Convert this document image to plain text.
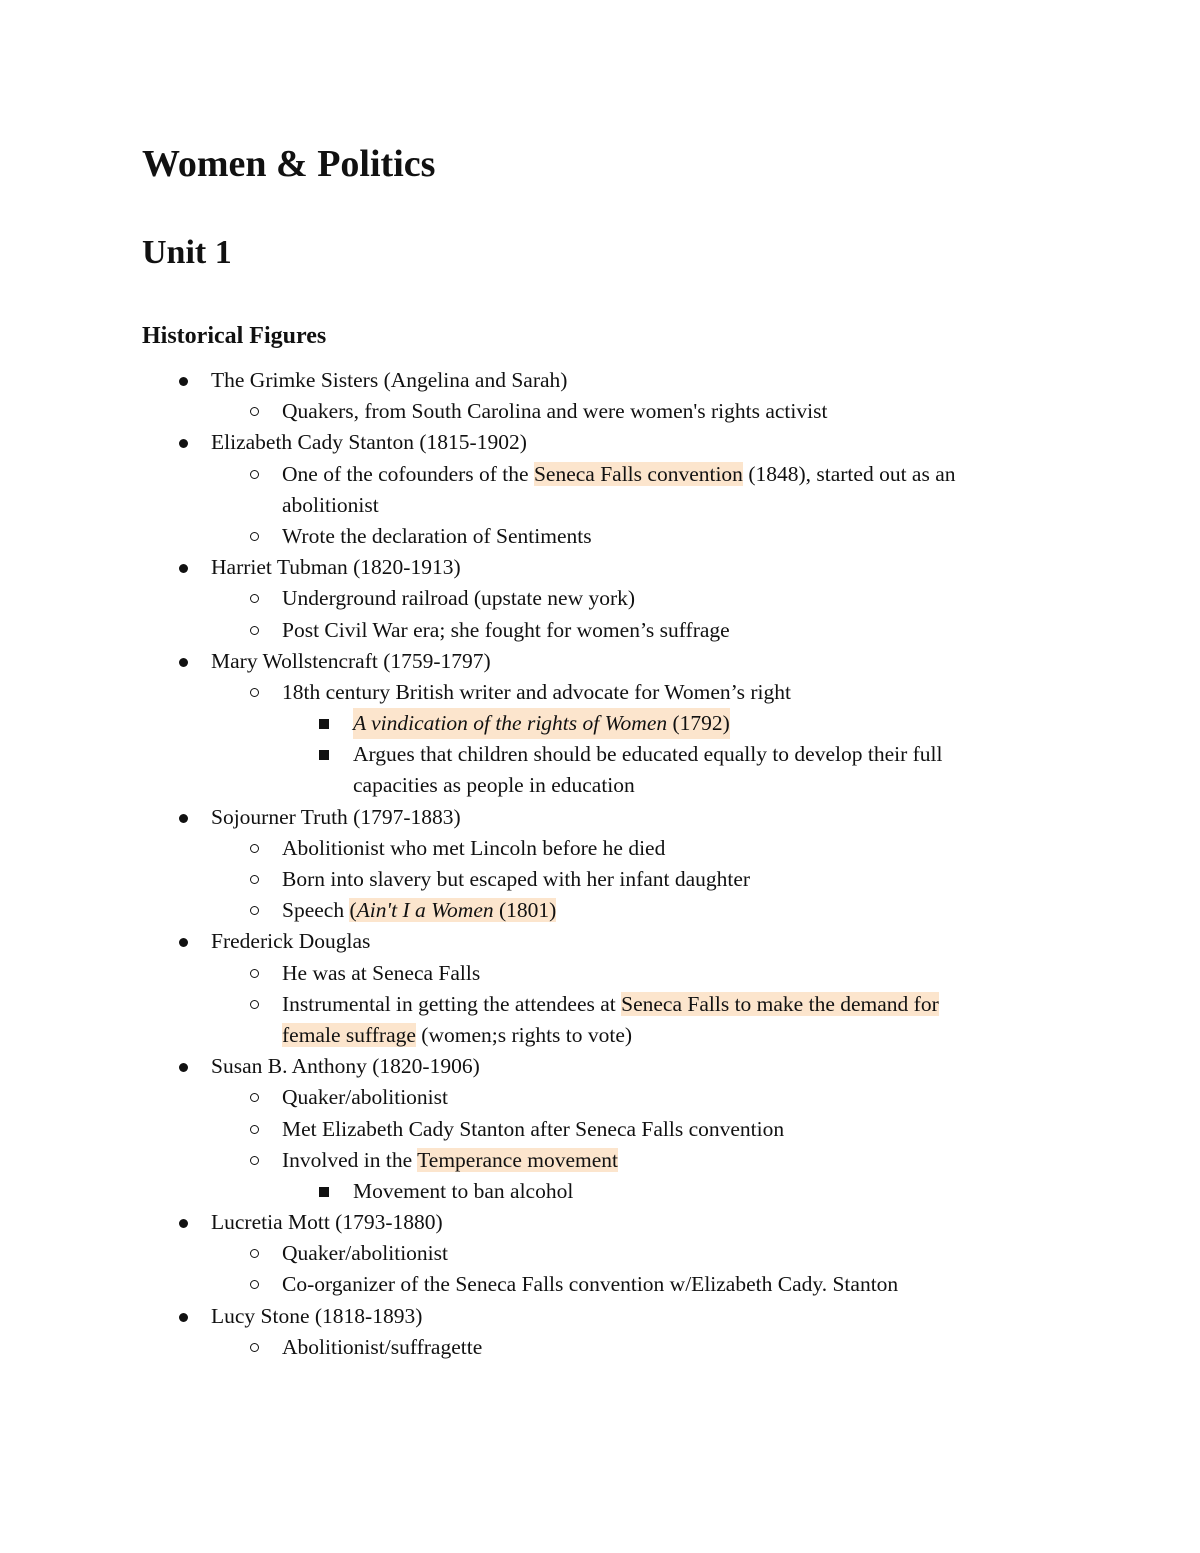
Women & Politics
Unit 1
Historical Figures
The Grimke Sisters (Angelina and Sarah)
Quakers, from South Carolina and were women's rights activist
Elizabeth Cady Stanton (1815-1902)
One of the cofounders of the Seneca Falls convention (1848), started out as an
abolitionist
Wrote the declaration of Sentiments
Harriet Tubman (1820-1913)
Underground railroad (upstate new york)
Post Civil War era; she fought for women’s suffrage
Mary Wollstencraft (1759-1797)
18th century British writer and advocate for Women’s right
A vindication of the rights of Women (1792)
Argues that children should be educated equally to develop their full
capacities as people in education
Sojourner Truth (1797-1883)
Abolitionist who met Lincoln before he died
Born into slavery but escaped with her infant daughter
Speech (Ain't I a Women (1801)
Frederick Douglas
He was at Seneca Falls
Instrumental in getting the attendees at Seneca Falls to make the demand for
female suffrage (women;s rights to vote)
Susan B. Anthony (1820-1906)
Quaker/abolitionist
Met Elizabeth Cady Stanton after Seneca Falls convention
Involved in the Temperance movement
Movement to ban alcohol
Lucretia Mott (1793-1880)
Quaker/abolitionist
Co-organizer of the Seneca Falls convention w/Elizabeth Cady. Stanton
Lucy Stone (1818-1893)
Abolitionist/suffragette
